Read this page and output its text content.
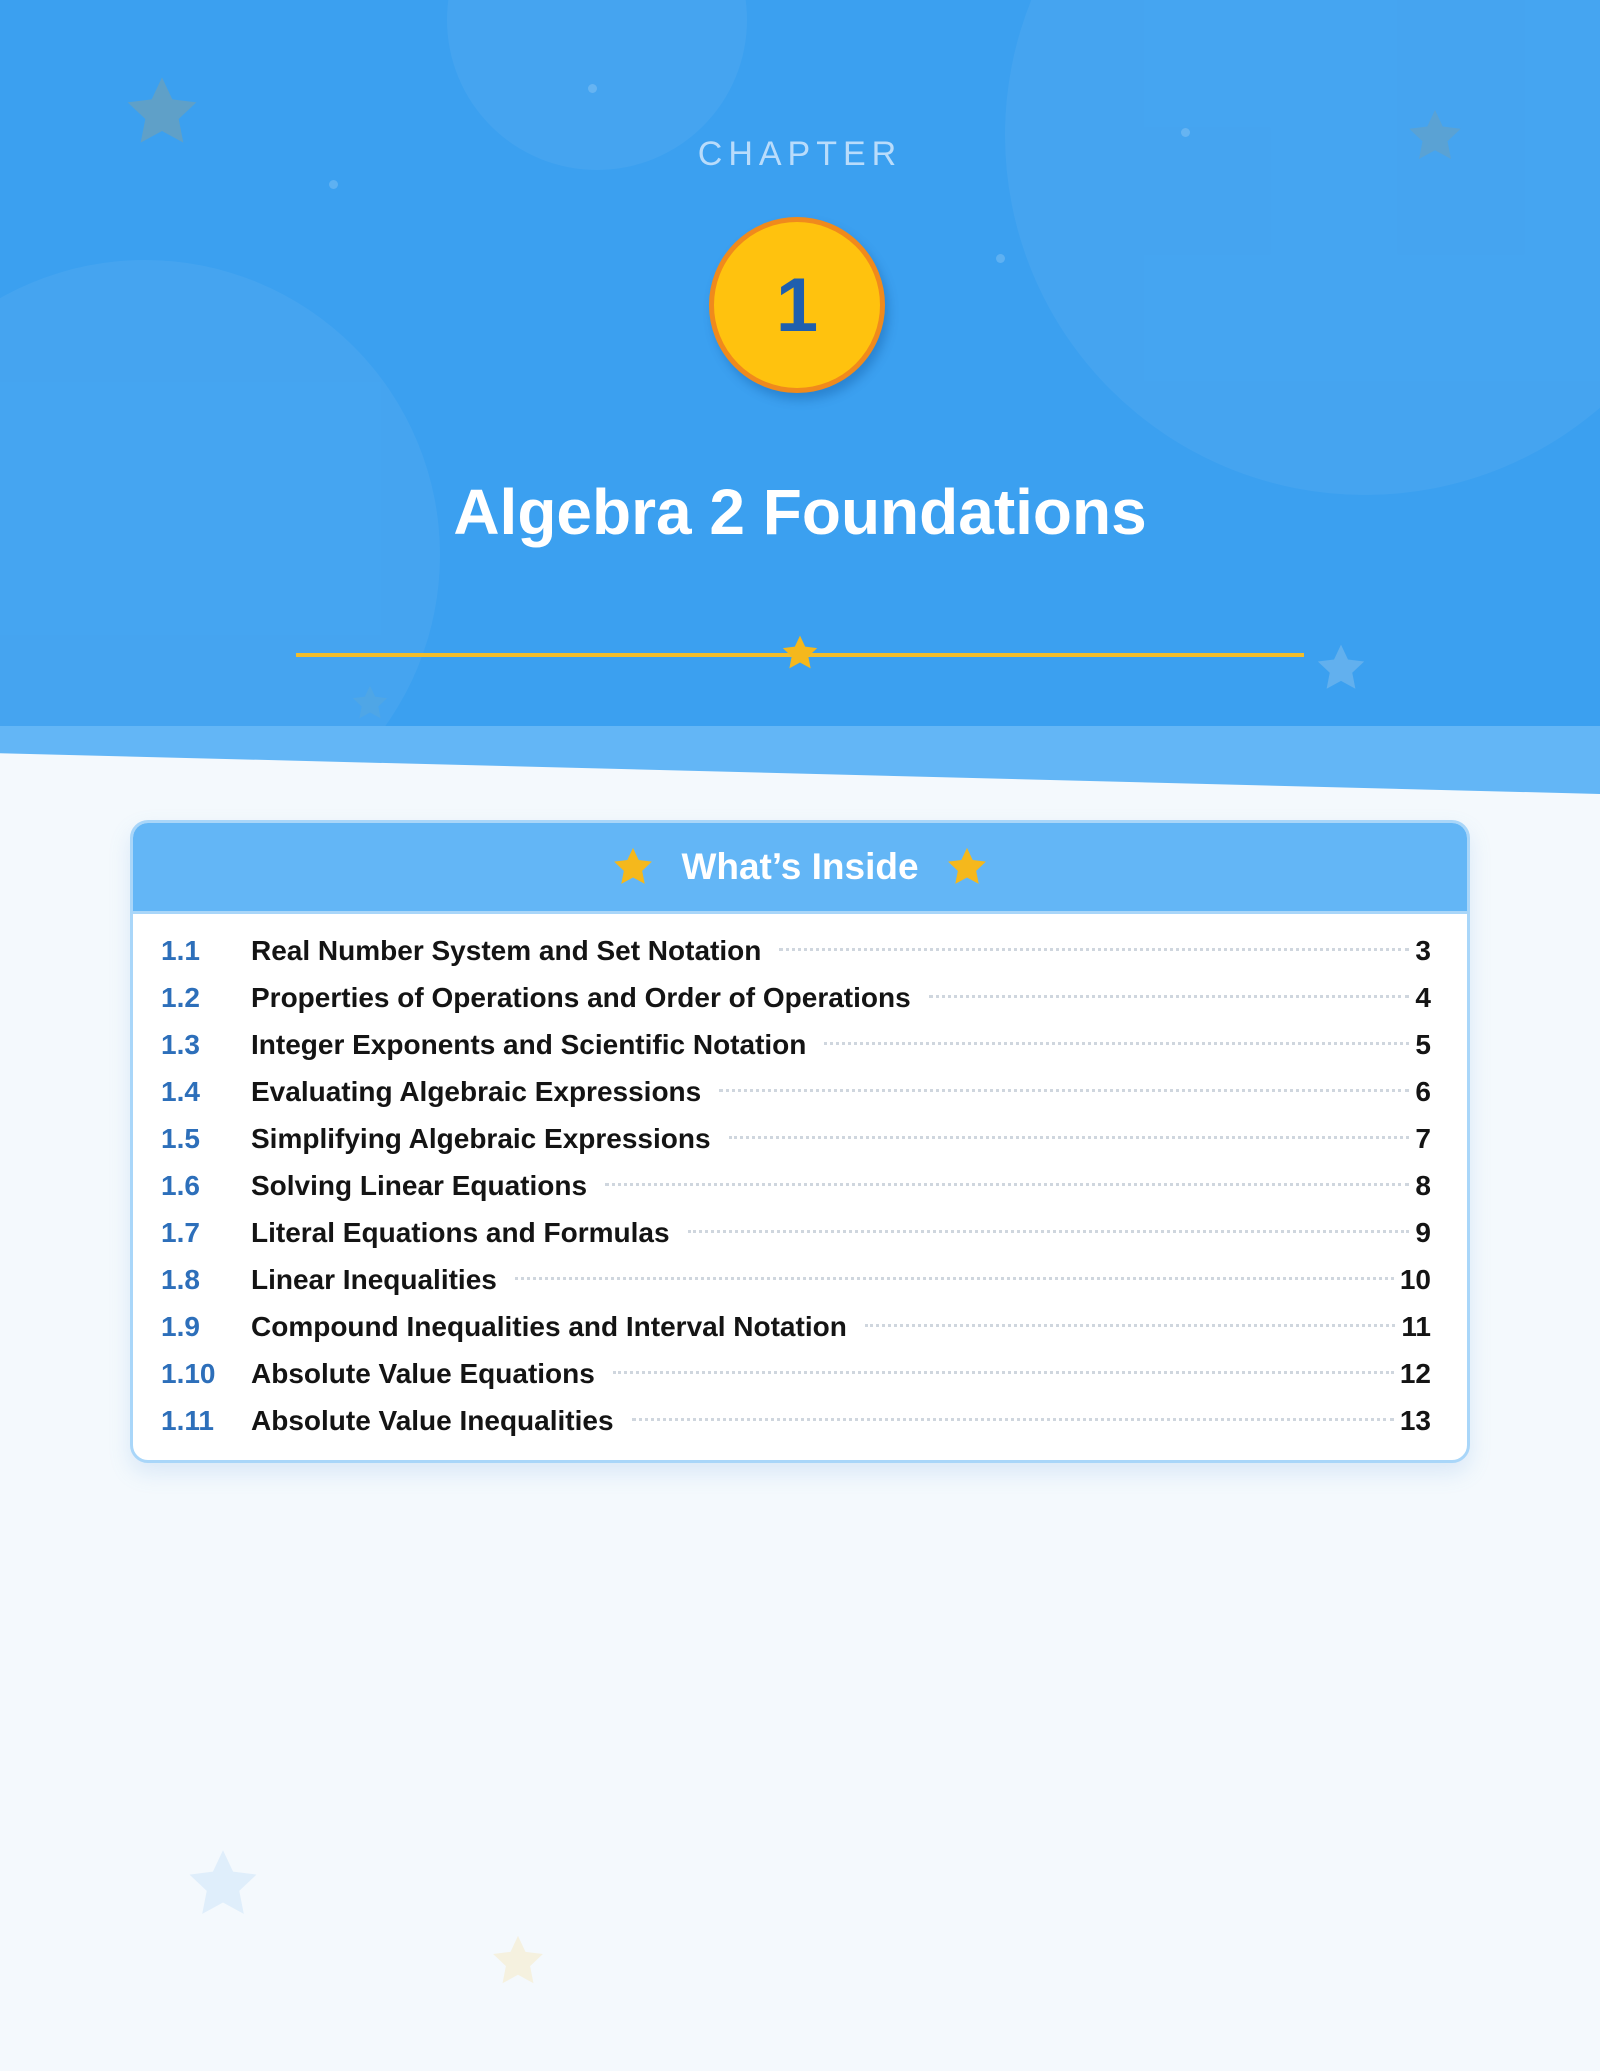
CHAPTER
1
Algebra 2 Foundations
What’s Inside
1.1	Real Number System and Set Notation	3
1.2	Properties of Operations and Order of Operations	4
1.3	Integer Exponents and Scientific Notation	5
1.4	Evaluating Algebraic Expressions	6
1.5	Simplifying Algebraic Expressions	7
1.6	Solving Linear Equations	8
1.7	Literal Equations and Formulas	9
1.8	Linear Inequalities	10
1.9	Compound Inequalities and Interval Notation	11
1.10	Absolute Value Equations	12
1.11	Absolute Value Inequalities	13
